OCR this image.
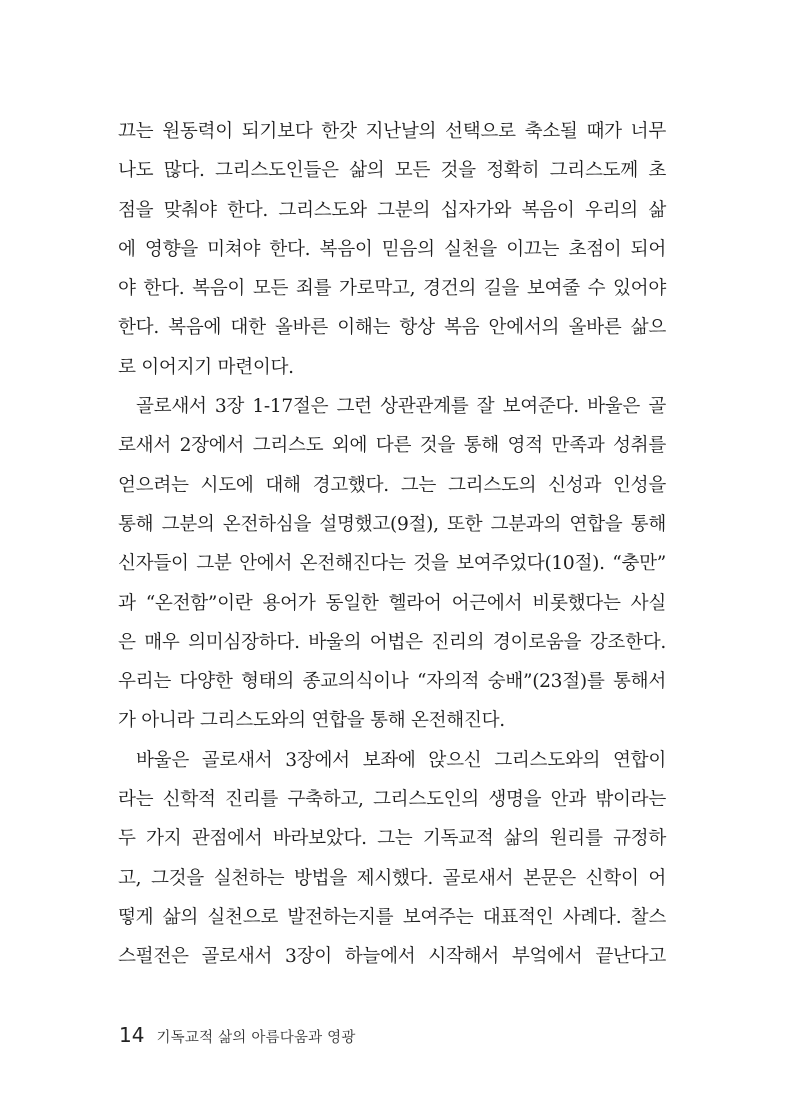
끄는 원동력이 되기보다 한갓 지난날의 선택으로 축소될 때가 너무
나도 많다. 그리스도인들은 삶의 모든 것을 정확히 그리스도께 초
점을 맞춰야 한다. 그리스도와 그분의 십자가와 복음이 우리의 삶
에 영향을 미쳐야 한다. 복음이 믿음의 실천을 이끄는 초점이 되어
야 한다. 복음이 모든 죄를 가로막고, 경건의 길을 보여줄 수 있어야
한다. 복음에 대한 올바른 이해는 항상 복음 안에서의 올바른 삶으
로 이어지기 마련이다.
골로새서 3장 1-17절은 그런 상관관계를 잘 보여준다. 바울은 골
로새서 2장에서 그리스도 외에 다른 것을 통해 영적 만족과 성취를
얻으려는 시도에 대해 경고했다. 그는 그리스도의 신성과 인성을
통해 그분의 온전하심을 설명했고(9절), 또한 그분과의 연합을 통해
신자들이 그분 안에서 온전해진다는 것을 보여주었다(10절). “충만”
과 “온전함”이란 용어가 동일한 헬라어 어근에서 비롯했다는 사실
은 매우 의미심장하다. 바울의 어법은 진리의 경이로움을 강조한다.
우리는 다양한 형태의 종교의식이나 “자의적 숭배”(23절)를 통해서
가 아니라 그리스도와의 연합을 통해 온전해진다.
바울은 골로새서 3장에서 보좌에 앉으신 그리스도와의 연합이
라는 신학적 진리를 구축하고, 그리스도인의 생명을 안과 밖이라는
두 가지 관점에서 바라보았다. 그는 기독교적 삶의 원리를 규정하
고, 그것을 실천하는 방법을 제시했다. 골로새서 본문은 신학이 어
떻게 삶의 실천으로 발전하는지를 보여주는 대표적인 사례다. 찰스
스펄전은 골로새서 3장이 하늘에서 시작해서 부엌에서 끝난다고
14 기독교적 삶의 아름다움과 영광
